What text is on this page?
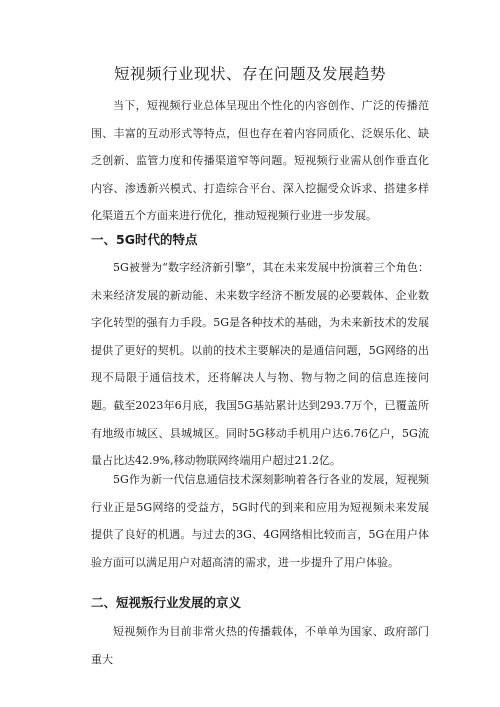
短视频行业现状、存在问题及发展趋势

当下，短视频行业总体呈现出个性化的内容创作、广泛的传播范围、丰富的互动形式等特点，但也存在着内容同质化、泛娱乐化、缺乏创新、监管力度和传播渠道窄等问题。短视频行业需从创作垂直化内容、渗透新兴模式、打造综合平台、深入挖掘受众诉求、搭建多样化渠道五个方面来进行优化，推动短视频行业进一步发展。

一、5G时代的特点

5G被誉为“数字经济新引擎”，其在未来发展中扮演着三个角色：未来经济发展的新动能、未来数字经济不断发展的必要载体、企业数字化转型的强有力手段。5G是各种技术的基础，为未来新技术的发展提供了更好的契机。以前的技术主要解决的是通信问题，5G网络的出现不局限于通信技术，还将解决人与物、物与物之间的信息连接问题。截至2023年6月底，我国5G基站累计达到293.7万个，已覆盖所有地级市城区、县城城区。同时5G移动手机用户达6.76亿户，5G流量占比达42.9%,移动物联网终端用户超过21.2亿。

5G作为新一代信息通信技术深刻影响着各行各业的发展，短视频行业正是5G网络的受益方，5G时代的到来和应用为短视频未来发展提供了良好的机遇。与过去的3G、4G网络相比较而言，5G在用户体验方面可以满足用户对超高清的需求，进一步提升了用户体验。

二、短视叛行业发展的京义

短视频作为目前非常火热的传播载体，不单单为国家、政府部门重大
